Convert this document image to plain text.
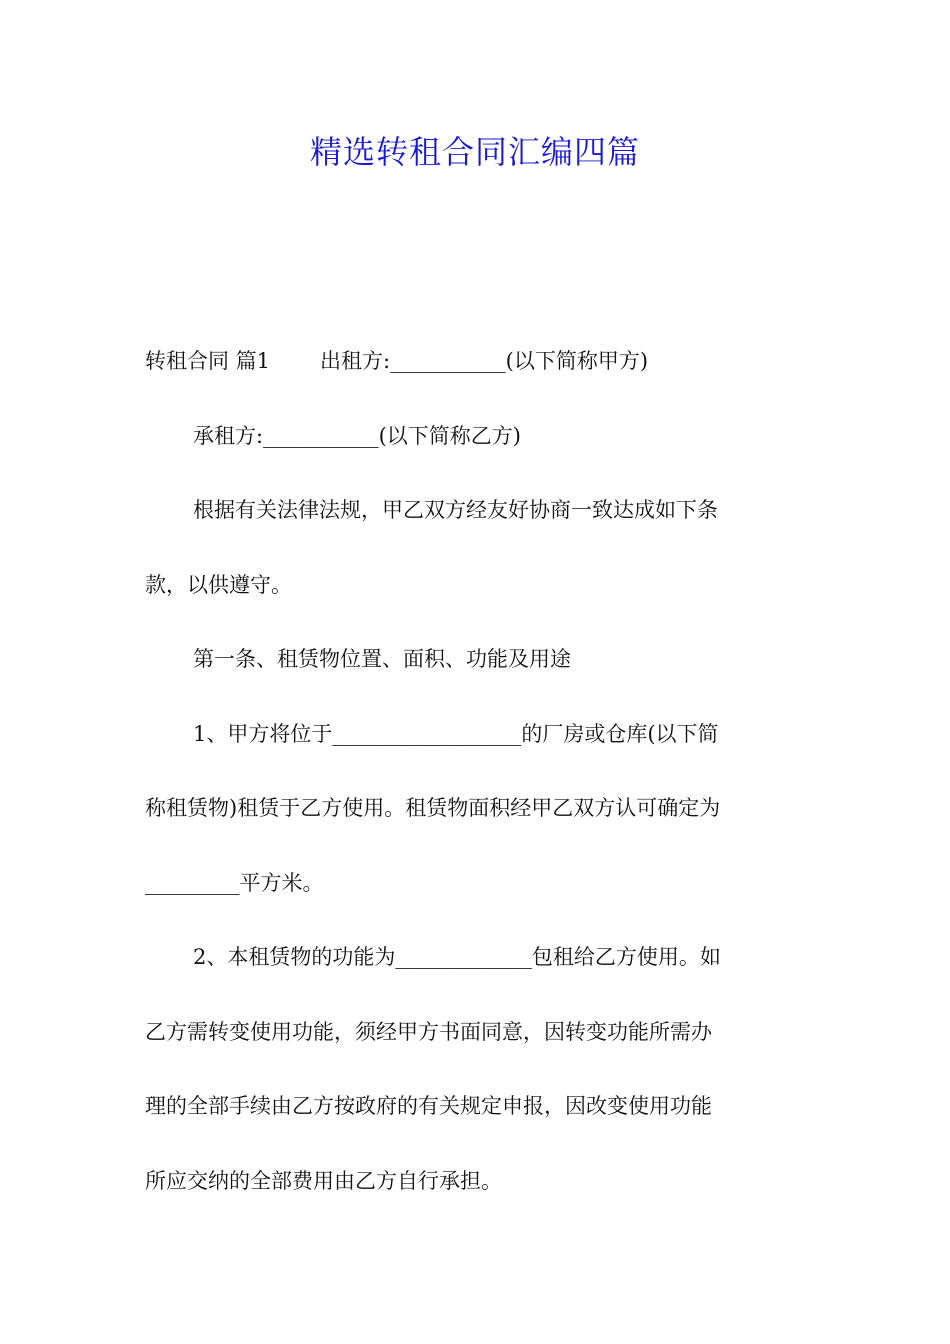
精选转租合同汇编四篇
转租合同 篇1 出租方:___________(以下简称甲方)
承租方:___________(以下简称乙方)
根据有关法律法规，甲乙双方经友好协商一致达成如下条
款，以供遵守。
第一条、租赁物位置、面积、功能及用途
1、甲方将位于__________________的厂房或仓库(以下简
称租赁物)租赁于乙方使用。租赁物面积经甲乙双方认可确定为
_________平方米。
2、本租赁物的功能为_____________包租给乙方使用。如
乙方需转变使用功能，须经甲方书面同意，因转变功能所需办
理的全部手续由乙方按政府的有关规定申报，因改变使用功能
所应交纳的全部费用由乙方自行承担。
